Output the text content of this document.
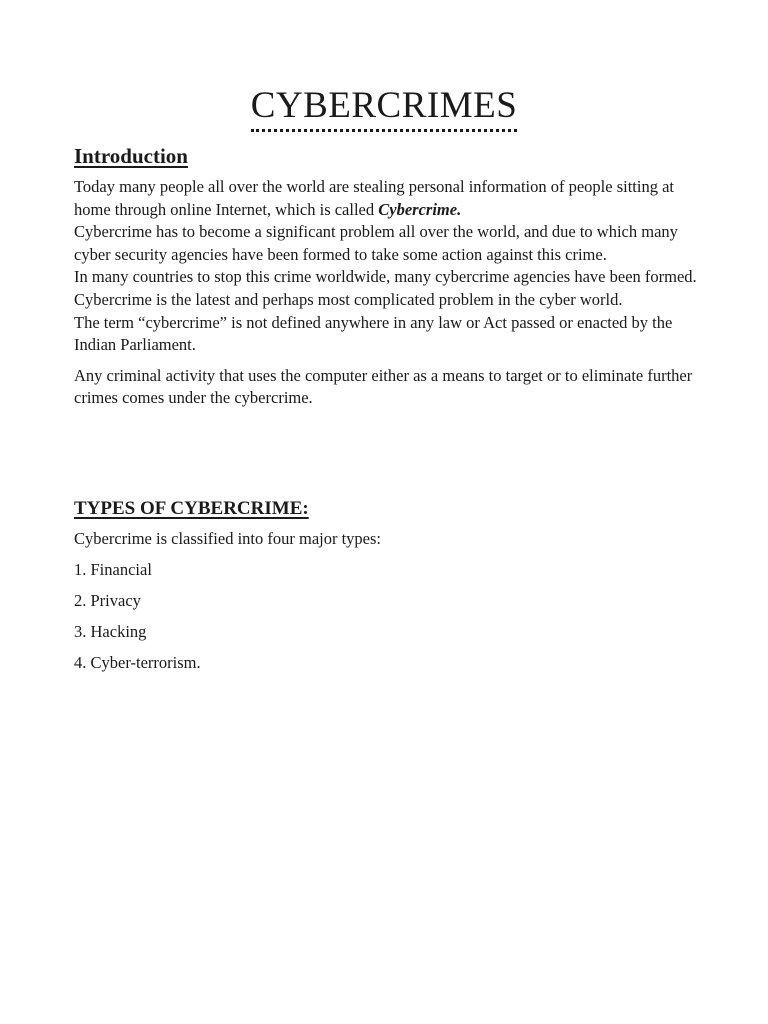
CYBERCRIMES
Introduction

Today many people all over the world are stealing personal information of people sitting at home through online Internet, which is called Cybercrime.

Cybercrime has to become a significant problem all over the world, and due to which many cyber security agencies have been formed to take some action against this crime.

In many countries to stop this crime worldwide, many cybercrime agencies have been formed.

Cybercrime is the latest and perhaps most complicated problem in the cyber world.

The term “cybercrime” is not defined anywhere in any law or Act passed or enacted by the Indian Parliament.

Any criminal activity that uses the computer either as a means to target or to eliminate further crimes comes under the cybercrime.

TYPES OF CYBERCRIME:

Cybercrime is classified into four major types:

1. Financial

2. Privacy

3. Hacking

4. Cyber-terrorism.
